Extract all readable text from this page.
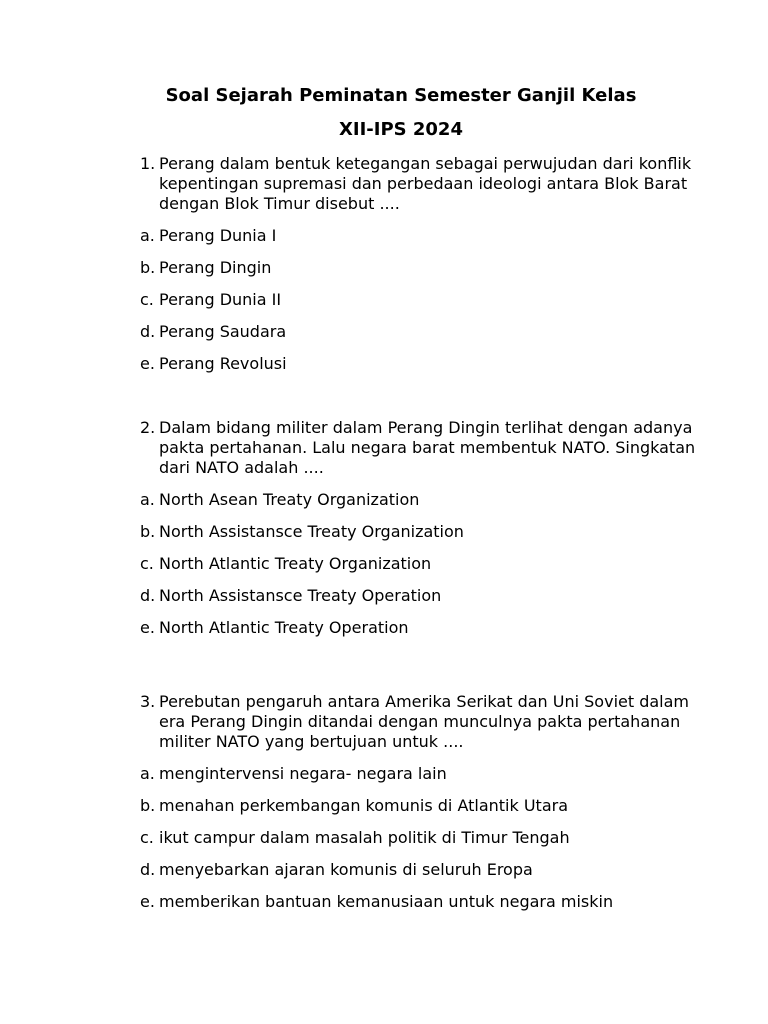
Soal Sejarah Peminatan Semester Ganjil Kelas
XII-IPS 2024
1. Perang dalam bentuk ketegangan sebagai perwujudan dari konflik kepentingan supremasi dan perbedaan ideologi antara Blok Barat dengan Blok Timur disebut ....
a. Perang Dunia I
b. Perang Dingin
c. Perang Dunia II
d. Perang Saudara
e. Perang Revolusi
2. Dalam bidang militer dalam Perang Dingin terlihat dengan adanya pakta pertahanan. Lalu negara barat membentuk NATO. Singkatan dari NATO adalah ....
a. North Asean Treaty Organization
b. North Assistansce Treaty Organization
c. North Atlantic Treaty Organization
d. North Assistansce Treaty Operation
e. North Atlantic Treaty Operation
3. Perebutan pengaruh antara Amerika Serikat dan Uni Soviet dalam era Perang Dingin ditandai dengan munculnya pakta pertahanan militer NATO yang bertujuan untuk ....
a. mengintervensi negara- negara lain
b. menahan perkembangan komunis di Atlantik Utara
c. ikut campur dalam masalah politik di Timur Tengah
d. menyebarkan ajaran komunis di seluruh Eropa
e. memberikan bantuan kemanusiaan untuk negara miskin
